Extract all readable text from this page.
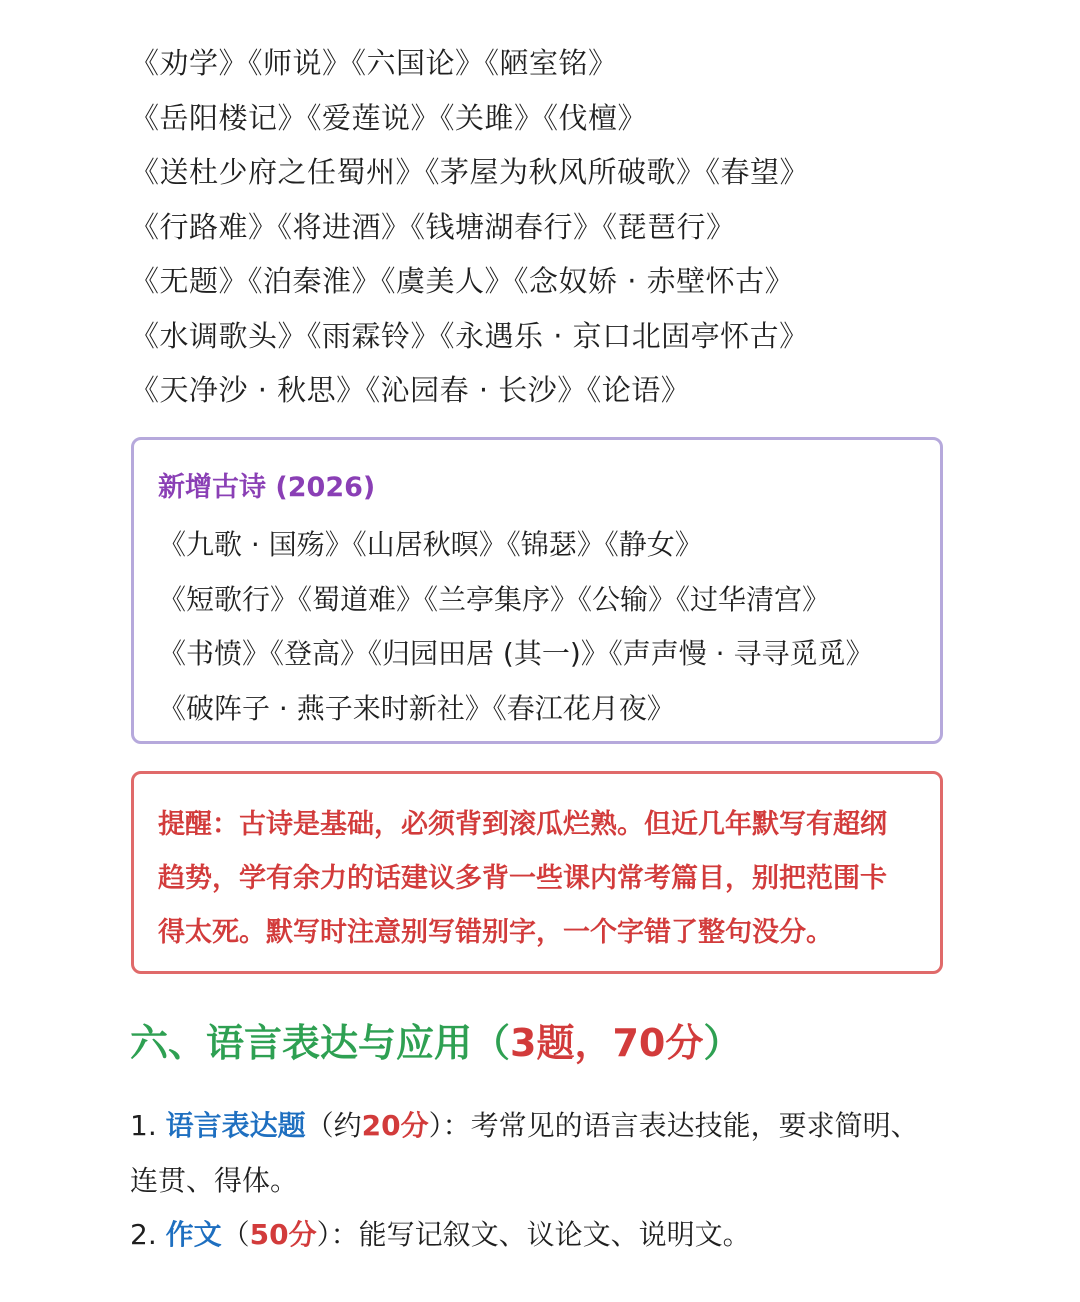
《劝学》《师说》《六国论》《陋室铭》
《岳阳楼记》《爱莲说》《关雎》《伐檀》
《送杜少府之任蜀州》《茅屋为秋风所破歌》《春望》
《行路难》《将进酒》《钱塘湖春行》《琵琶行》
《无题》《泊秦淮》《虞美人》《念奴娇 · 赤壁怀古》
《水调歌头》《雨霖铃》《永遇乐 · 京口北固亭怀古》
《天净沙 · 秋思》《沁园春 · 长沙》《论语》
新增古诗 (2026)
《九歌 · 国殇》《山居秋暝》《锦瑟》《静女》
《短歌行》《蜀道难》《兰亭集序》《公输》《过华清宫》
《书愤》《登高》《归园田居 (其一)》《声声慢 · 寻寻觅觅》
《破阵子 · 燕子来时新社》《春江花月夜》
提醒：古诗是基础，必须背到滚瓜烂熟。但近几年默写有超纲
趋势，学有余力的话建议多背一些课内常考篇目，别把范围卡
得太死。默写时注意别写错别字，一个字错了整句没分。
六、语言表达与应用（3题，70分）
1. 语言表达题（约20分）：考常见的语言表达技能，要求简明、
连贯、得体。
2. 作文（50分）：能写记叙文、议论文、说明文。
